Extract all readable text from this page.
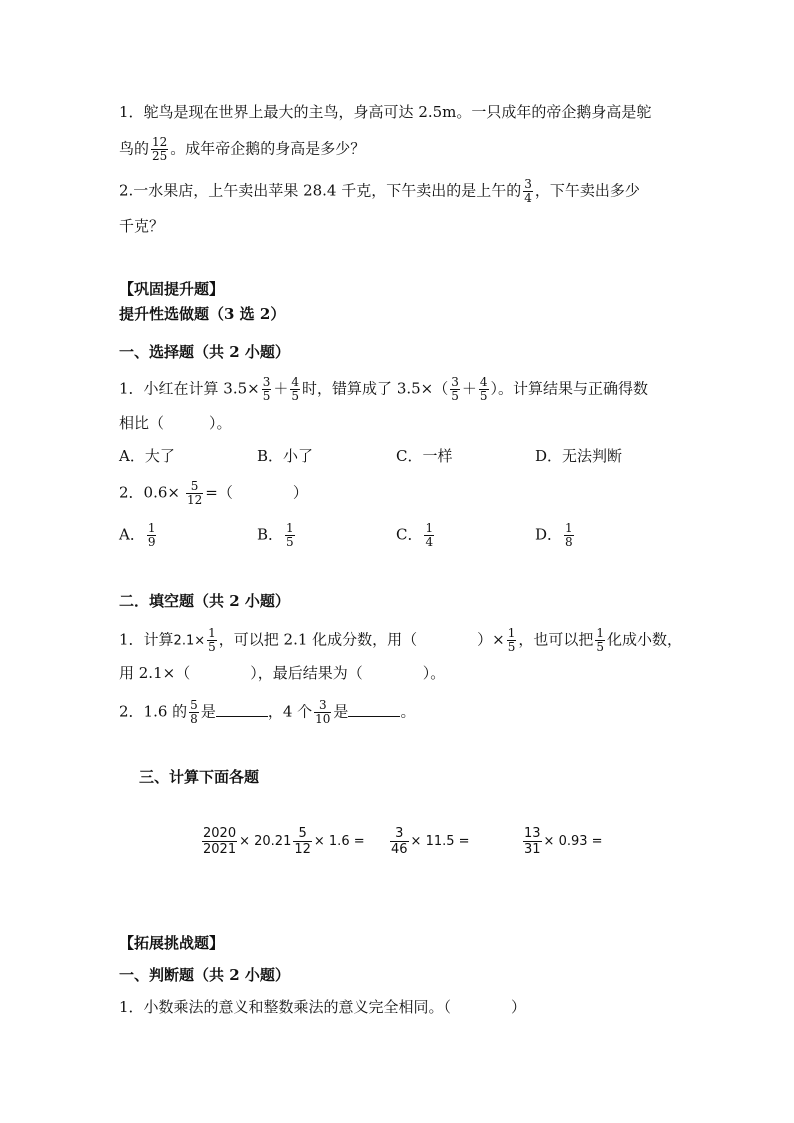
1．鸵鸟是现在世界上最大的主鸟，身高可达 2.5m。一只成年的帝企鹅身高是鸵
鸟的 $\frac{12}{25}$ 。成年帝企鹅的身高是多少？
2.一水果店，上午卖出苹果 28.4 千克，下午卖出的是上午的 $\frac{3}{4}$ ，下午卖出多少
千克？
【巩固提升题】
提升性选做题（3 选 2）
一、选择题（共 2 小题）
1．小红在计算 $3.5\times \frac{3}{5} + \frac{4}{5}$ 时，错算成了 $3.5\times( \frac{3}{5} + \frac{4}{5}$ ）。计算结果与正确得数
相比（　　　）。
A．大了	B．小了	C．一样	D．无法判断
2．$0.6\times \frac{5}{12}$ =（　　　　）
A． $\frac{1}{9}$	B． $\frac{1}{5}$	C． $\frac{1}{4}$	D． $\frac{1}{8}$
二．填空题（共 2 小题）
1．计算$2.1\times \frac{1}{5}$ ，可以把 2.1 化成分数，用（　　　　）× $\frac{1}{5}$ ，也可以把 $\frac{1}{5}$ 化成小数，
用 2.1×（　　　　），最后结果为（　　　　）。
2．1.6 的 $\frac{5}{8}$ 是	，4 个 $\frac{3}{10}$ 是	。
三、计算下面各题
$\frac{2020}{2021} \times 20.21 \frac{5}{12} \times 1.6 = \frac{3}{46} \times 11.5$ =	$\frac{13}{31} \times 0.93$ =
【拓展挑战题】
一、判断题（共 2 小题）
1．小数乘法的意义和整数乘法的意义完全相同。（　　　　）
